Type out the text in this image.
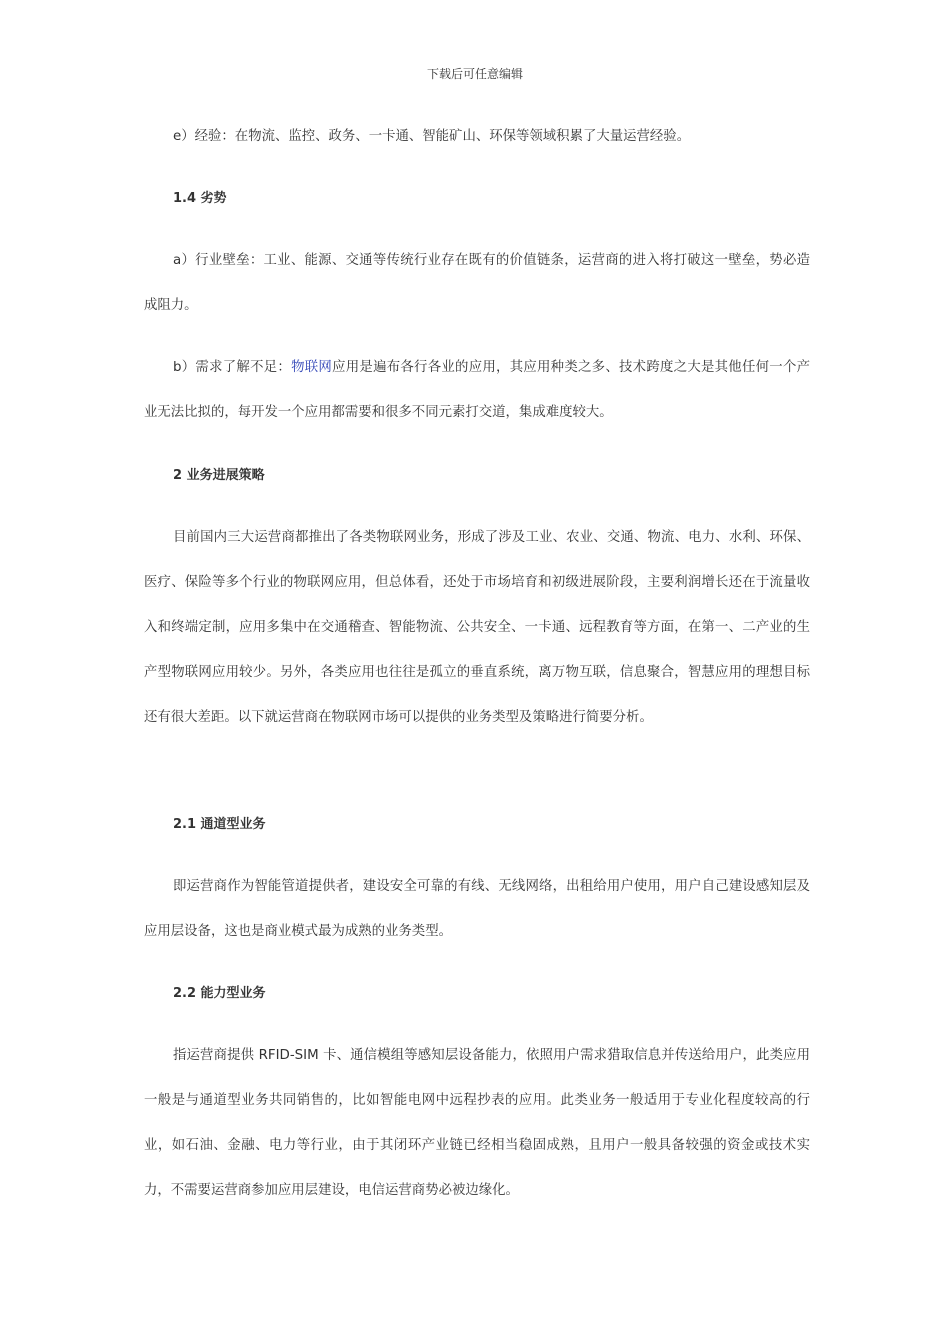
下载后可任意编辑

e）经验：在物流、监控、政务、一卡通、智能矿山、环保等领域积累了大量运营经验。

1.4 劣势

a）行业壁垒：工业、能源、交通等传统行业存在既有的价值链条，运营商的进入将打破这一壁垒，势必造成阻力。

b）需求了解不足：物联网应用是遍布各行各业的应用，其应用种类之多、技术跨度之大是其他任何一个产业无法比拟的，每开发一个应用都需要和很多不同元素打交道，集成难度较大。

2 业务进展策略

目前国内三大运营商都推出了各类物联网业务，形成了涉及工业、农业、交通、物流、电力、水利、环保、医疗、保险等多个行业的物联网应用，但总体看，还处于市场培育和初级进展阶段，主要利润增长还在于流量收入和终端定制，应用多集中在交通稽查、智能物流、公共安全、一卡通、远程教育等方面，在第一、二产业的生产型物联网应用较少。另外，各类应用也往往是孤立的垂直系统，离万物互联，信息聚合，智慧应用的理想目标还有很大差距。以下就运营商在物联网市场可以提供的业务类型及策略进行简要分析。

2.1 通道型业务

即运营商作为智能管道提供者，建设安全可靠的有线、无线网络，出租给用户使用，用户自己建设感知层及应用层设备，这也是商业模式最为成熟的业务类型。

2.2 能力型业务

指运营商提供 RFID-SIM 卡、通信模组等感知层设备能力，依照用户需求猎取信息并传送给用户，此类应用一般是与通道型业务共同销售的，比如智能电网中远程抄表的应用。此类业务一般适用于专业化程度较高的行业，如石油、金融、电力等行业，由于其闭环产业链已经相当稳固成熟，且用户一般具备较强的资金或技术实力，不需要运营商参加应用层建设，电信运营商势必被边缘化。
